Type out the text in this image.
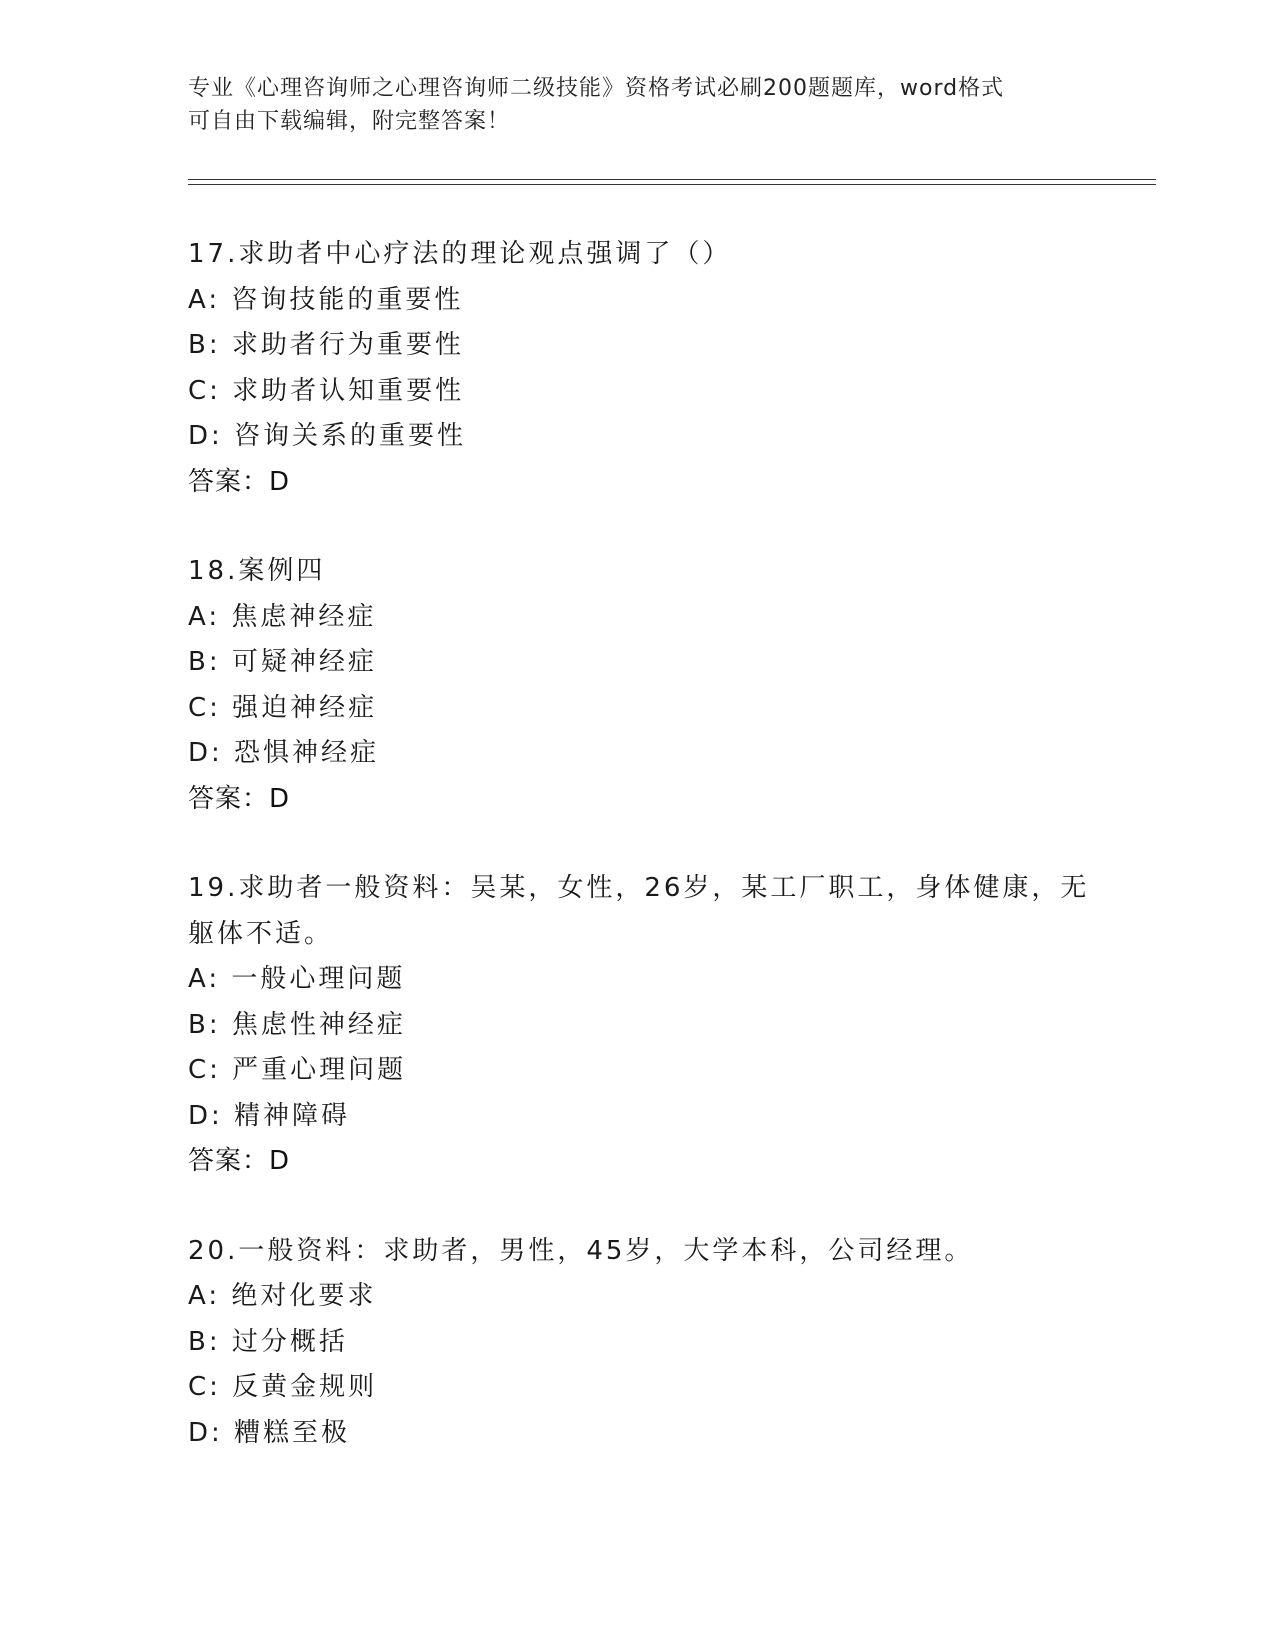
专业《心理咨询师之心理咨询师二级技能》资格考试必刷200题题库，word格式
可自由下载编辑，附完整答案！
17.求助者中心疗法的理论观点强调了（）
A: 咨询技能的重要性
B: 求助者行为重要性
C: 求助者认知重要性
D: 咨询关系的重要性
答案：D
18.案例四
A: 焦虑神经症
B: 可疑神经症
C: 强迫神经症
D: 恐惧神经症
答案：D
19.求助者一般资料：吴某，女性，26岁，某工厂职工，身体健康，无
躯体不适。
A: 一般心理问题
B: 焦虑性神经症
C: 严重心理问题
D: 精神障碍
答案：D
20.一般资料：求助者，男性，45岁，大学本科，公司经理。
A: 绝对化要求
B: 过分概括
C: 反黄金规则
D: 糟糕至极
